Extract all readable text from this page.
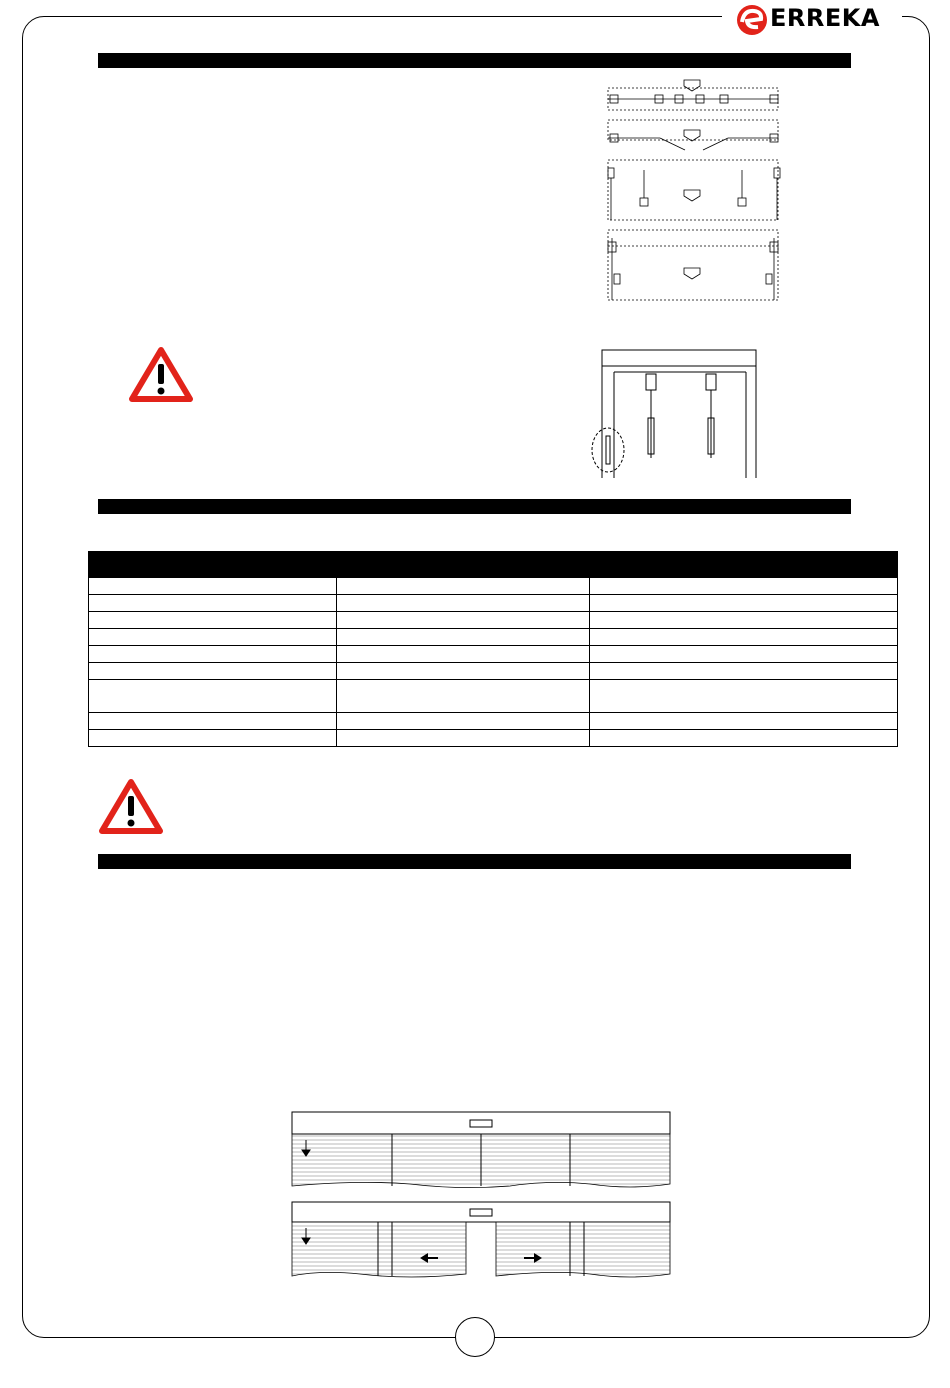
ERREKA
